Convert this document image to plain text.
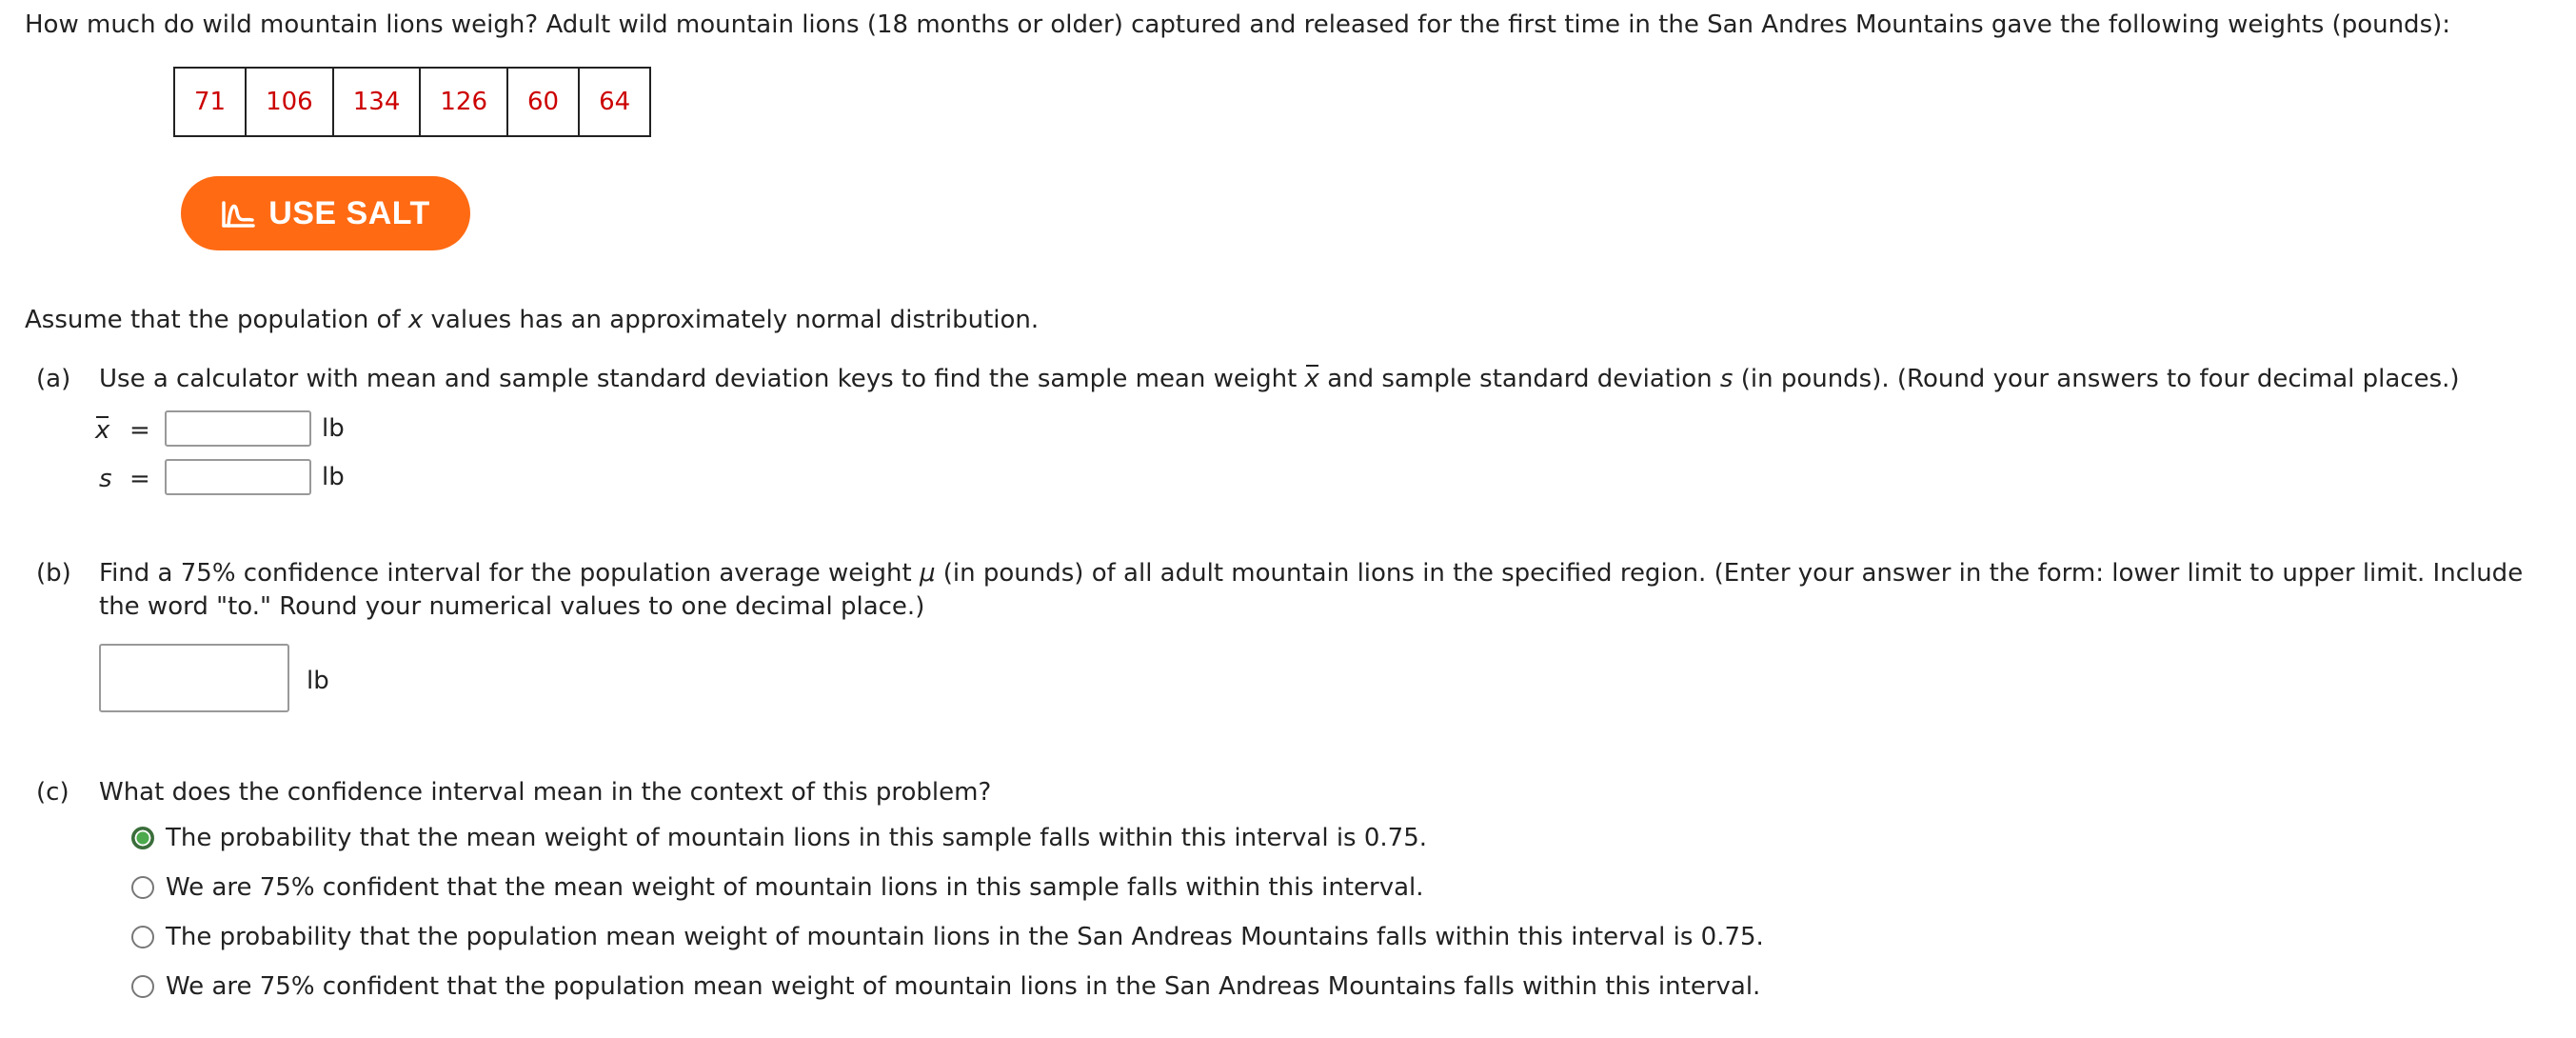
How much do wild mountain lions weigh? Adult wild mountain lions (18 months or older) captured and released for the first time in the San Andres Mountains gave the following weights (pounds):
71	106	134	126	60	64
USE SALT
Assume that the population of x values has an approximately normal distribution.
(a) Use a calculator with mean and sample standard deviation keys to find the sample mean weight x and sample standard deviation s (in pounds). (Round your answers to four decimal places.)
x =	lb
s =	lb
(b) Find a 75% confidence interval for the population average weight μ (in pounds) of all adult mountain lions in the specified region. (Enter your answer in the form: lower limit to upper limit. Include
the word "to." Round your numerical values to one decimal place.)
lb
(c) What does the confidence interval mean in the context of this problem?
The probability that the mean weight of mountain lions in this sample falls within this interval is 0.75.
We are 75% confident that the mean weight of mountain lions in this sample falls within this interval.
The probability that the population mean weight of mountain lions in the San Andreas Mountains falls within this interval is 0.75.
We are 75% confident that the population mean weight of mountain lions in the San Andreas Mountains falls within this interval.
